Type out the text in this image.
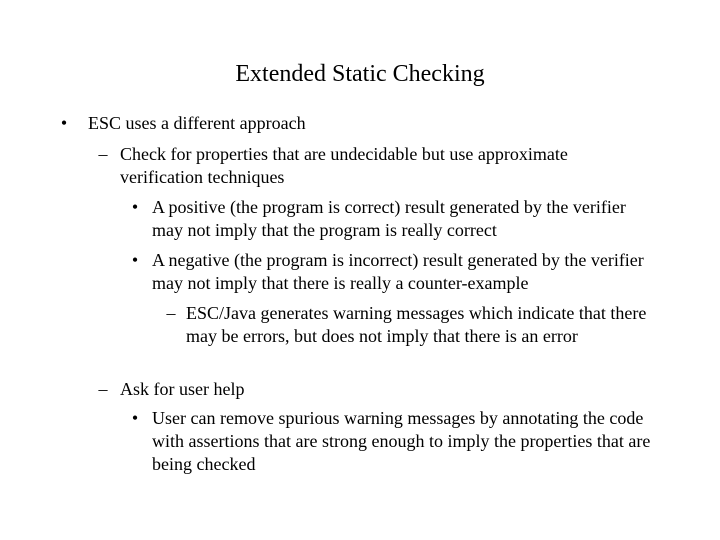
Extended Static Checking
• ESC uses a different approach
– Check for properties that are undecidable but use approximate verification techniques
• A positive (the program is correct) result generated by the verifier may not imply that the program is really correct
• A negative (the program is incorrect) result generated by the verifier may not imply that there is really a counter-example
– ESC/Java generates warning messages which indicate that there may be errors, but does not imply that there is an error
– Ask for user help
• User can remove spurious warning messages by annotating the code with assertions that are strong enough to imply the properties that are being checked
